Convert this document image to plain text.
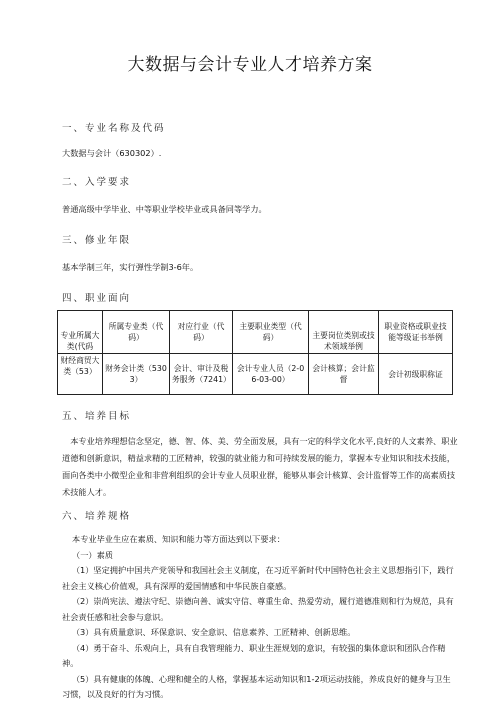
大数据与会计专业人才培养方案
一、专业名称及代码
大数据与会计（630302）.
二、入学要求
普通高级中学毕业、中等职业学校毕业或具备同等学力。
三、修业年限
基本学制三年，实行弹性学制3-6年。
四、职业面向
专业所属大类(代码	所属专业类（代码）	对应行业（代码）	主要职业类型（代码）	主要岗位类别或技术领域举例	职业资格或职业技能等级证书举例
财经商贸大类（53）	财务会计类（5303）	会计、审计及税务服务（7241）	会计专业人员（2-06-03-00）	会计核算；会计监督	会计初级职称证
五、培养目标
本专业培养理想信念坚定，德、智、体、美、劳全面发展，具有一定的科学文化水平,良好的人文素养、职业道德和创新意识，精益求精的工匠精神，较强的就业能力和可持续发展的能力，掌握本专业知识和技术技能，面向各类中小微型企业和非营利组织的会计专业人员职业群，能够从事会计核算、会计监督等工作的高素质技术技能人才。
六、培养规格
本专业毕业生应在素质、知识和能力等方面达到以下要求：
（一）素质
（1）坚定拥护中国共产党领导和我国社会主义制度，在习近平新时代中国特色社会主义思想指引下，践行社会主义核心价值观，具有深厚的爱国情感和中华民族自豪感。
（2）崇尚宪法、遵法守纪、崇德向善、诚实守信、尊重生命、热爱劳动，履行道德准则和行为规范，具有社会责任感和社会参与意识。
（3）具有质量意识、环保意识、安全意识、信息素养、工匠精神、创新思维。
（4）勇于奋斗、乐观向上，具有自我管理能力、职业生涯规划的意识，有较强的集体意识和团队合作精神。
（5）具有健康的体魄、心理和健全的人格，掌握基本运动知识和1-2项运动技能，养成良好的健身与卫生习惯，以及良好的行为习惯。
